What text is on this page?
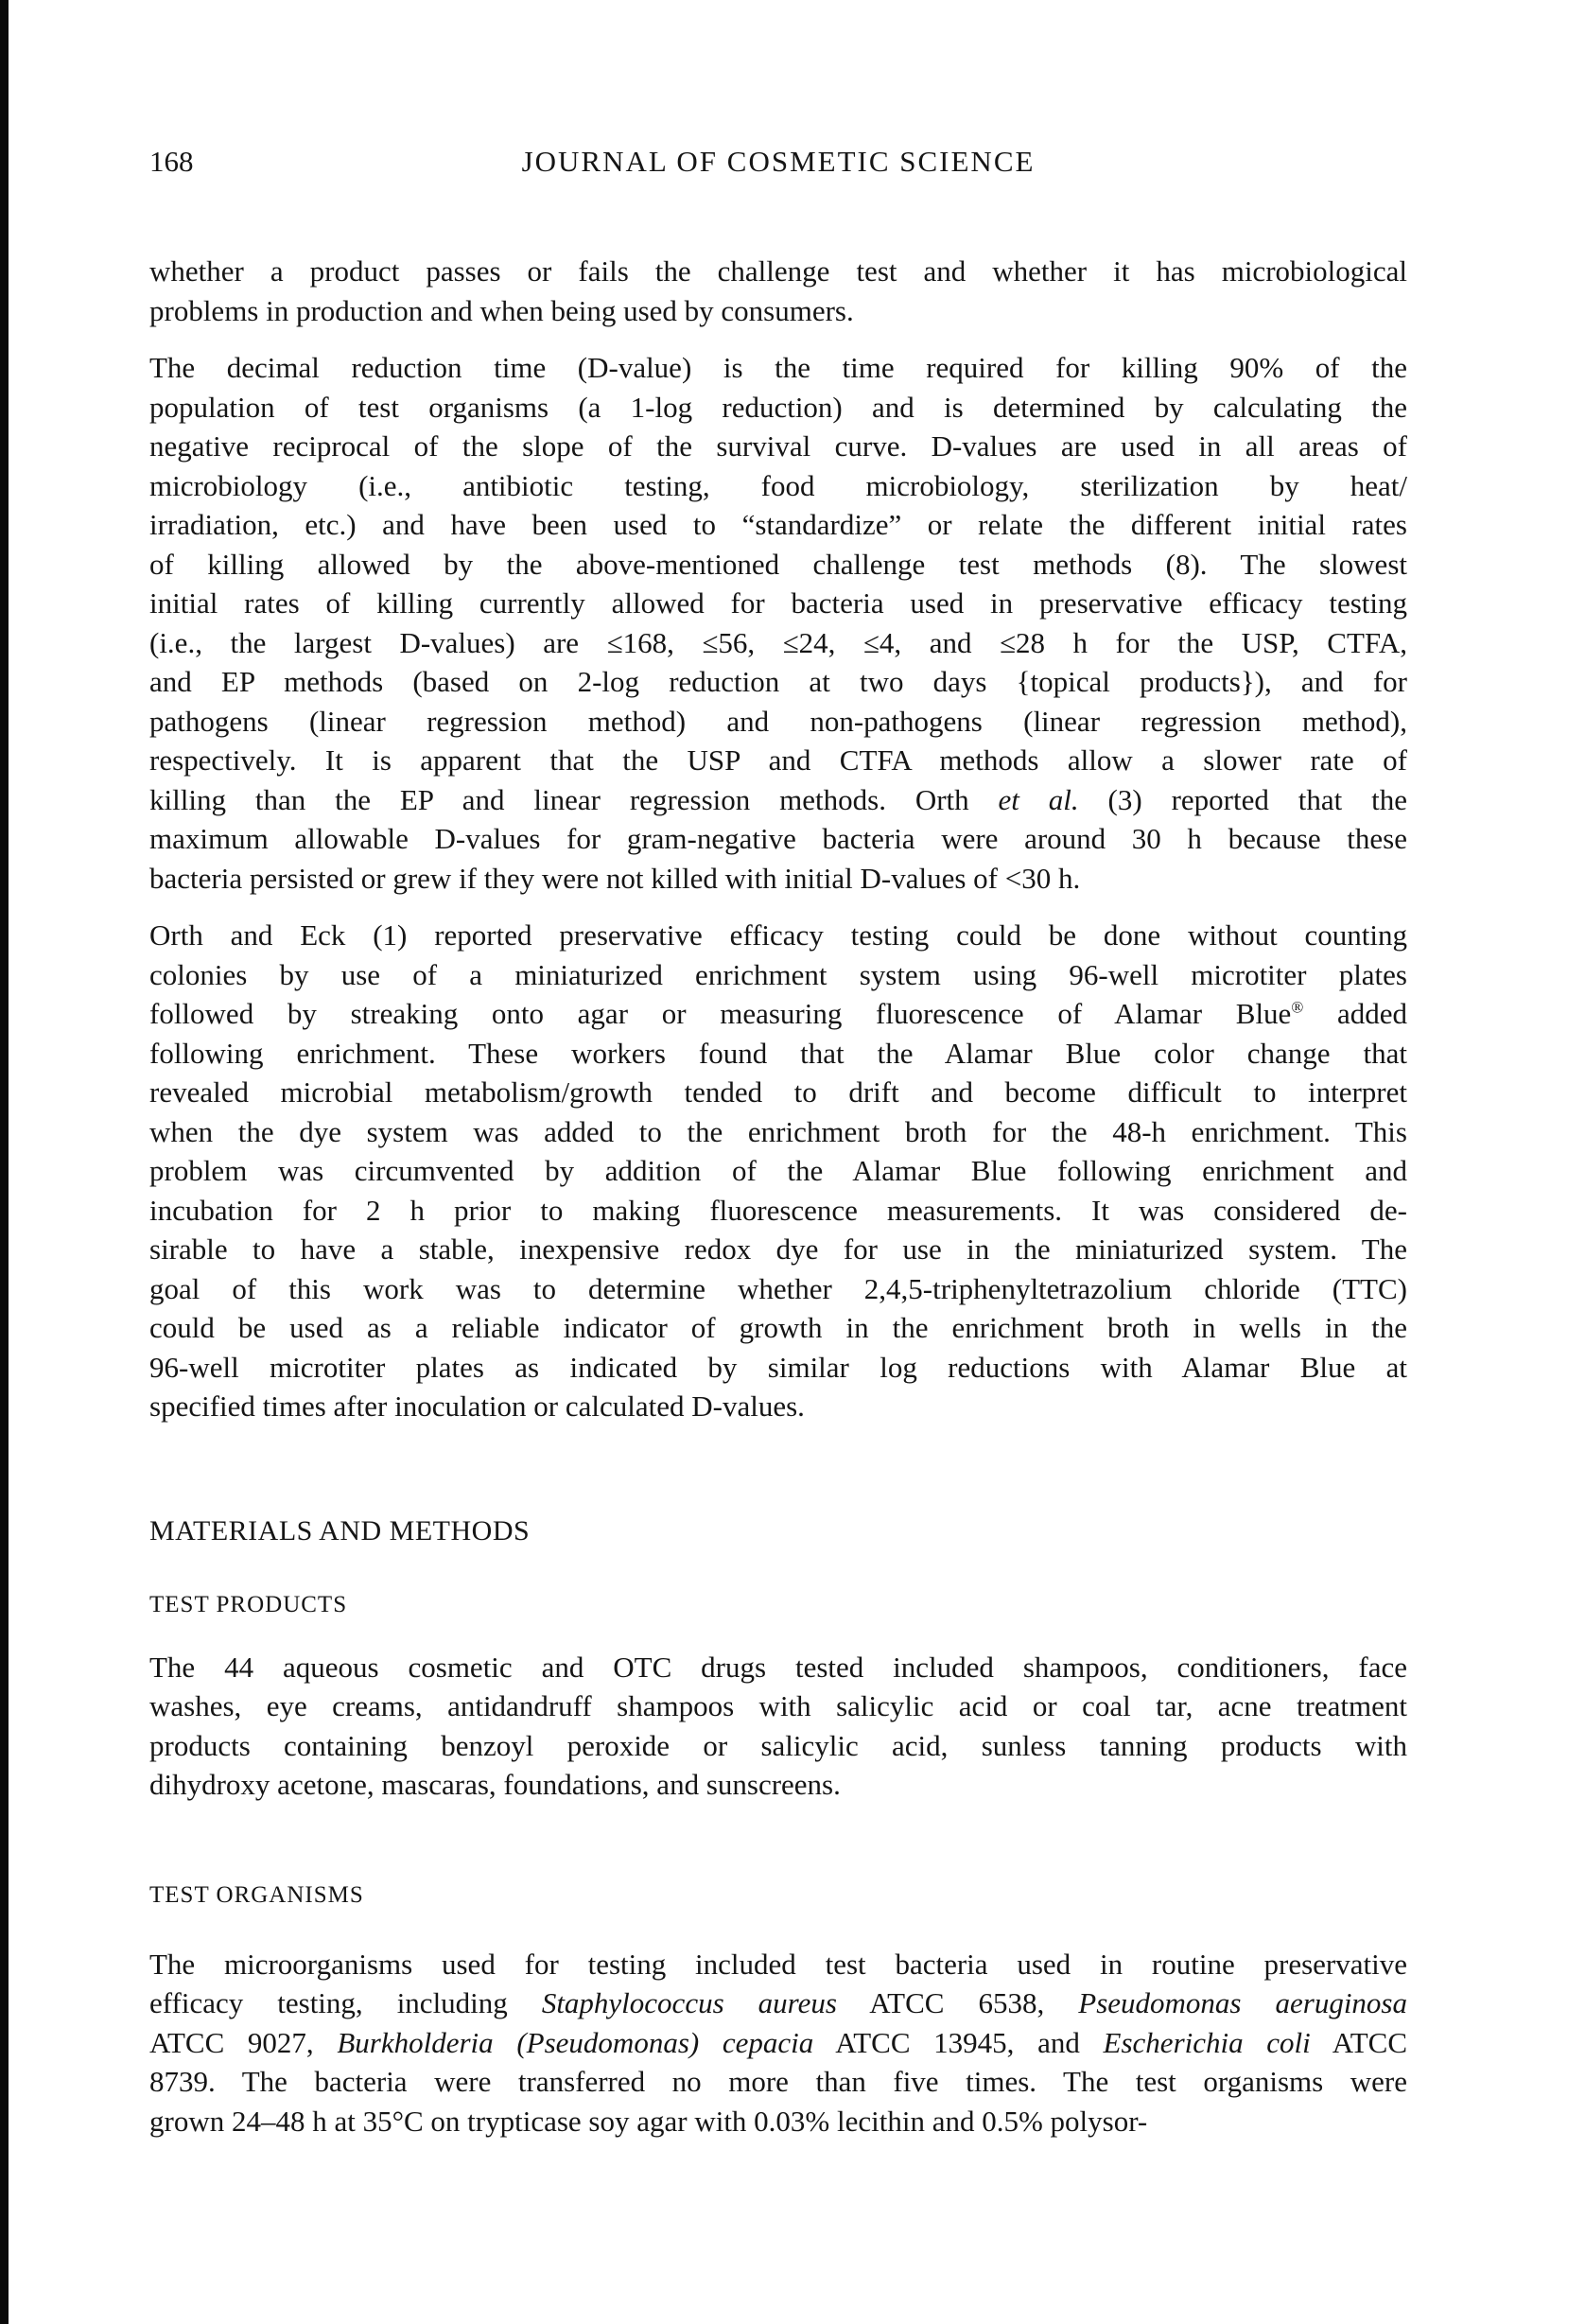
168	JOURNAL OF COSMETIC SCIENCE
whether a product passes or fails the challenge test and whether it has microbiological
problems in production and when being used by consumers.
The decimal reduction time (D-value) is the time required for killing 90% of the
population of test organisms (a 1-log reduction) and is determined by calculating the
negative reciprocal of the slope of the survival curve. D-values are used in all areas of
microbiology (i.e., antibiotic testing, food microbiology, sterilization by heat/
irradiation, etc.) and have been used to “standardize” or relate the different initial rates
of killing allowed by the above-mentioned challenge test methods (8). The slowest
initial rates of killing currently allowed for bacteria used in preservative efficacy testing
(i.e., the largest D-values) are ≤168, ≤56, ≤24, ≤4, and ≤28 h for the USP, CTFA,
and EP methods (based on 2-log reduction at two days {topical products}), and for
pathogens (linear regression method) and non-pathogens (linear regression method),
respectively. It is apparent that the USP and CTFA methods allow a slower rate of
killing than the EP and linear regression methods. Orth et al. (3) reported that the
maximum allowable D-values for gram-negative bacteria were around 30 h because these
bacteria persisted or grew if they were not killed with initial D-values of <30 h.
Orth and Eck (1) reported preservative efficacy testing could be done without counting
colonies by use of a miniaturized enrichment system using 96-well microtiter plates
followed by streaking onto agar or measuring fluorescence of Alamar Blue® added
following enrichment. These workers found that the Alamar Blue color change that
revealed microbial metabolism/growth tended to drift and become difficult to interpret
when the dye system was added to the enrichment broth for the 48-h enrichment. This
problem was circumvented by addition of the Alamar Blue following enrichment and
incubation for 2 h prior to making fluorescence measurements. It was considered de-
sirable to have a stable, inexpensive redox dye for use in the miniaturized system. The
goal of this work was to determine whether 2,4,5-triphenyltetrazolium chloride (TTC)
could be used as a reliable indicator of growth in the enrichment broth in wells in the
96-well microtiter plates as indicated by similar log reductions with Alamar Blue at
specified times after inoculation or calculated D-values.
MATERIALS AND METHODS
TEST PRODUCTS
The 44 aqueous cosmetic and OTC drugs tested included shampoos, conditioners, face
washes, eye creams, antidandruff shampoos with salicylic acid or coal tar, acne treatment
products containing benzoyl peroxide or salicylic acid, sunless tanning products with
dihydroxy acetone, mascaras, foundations, and sunscreens.
TEST ORGANISMS
The microorganisms used for testing included test bacteria used in routine preservative
efficacy testing, including Staphylococcus aureus ATCC 6538, Pseudomonas aeruginosa
ATCC 9027, Burkholderia (Pseudomonas) cepacia ATCC 13945, and Escherichia coli ATCC
8739. The bacteria were transferred no more than five times. The test organisms were
grown 24–48 h at 35°C on trypticase soy agar with 0.03% lecithin and 0.5% polysor-
